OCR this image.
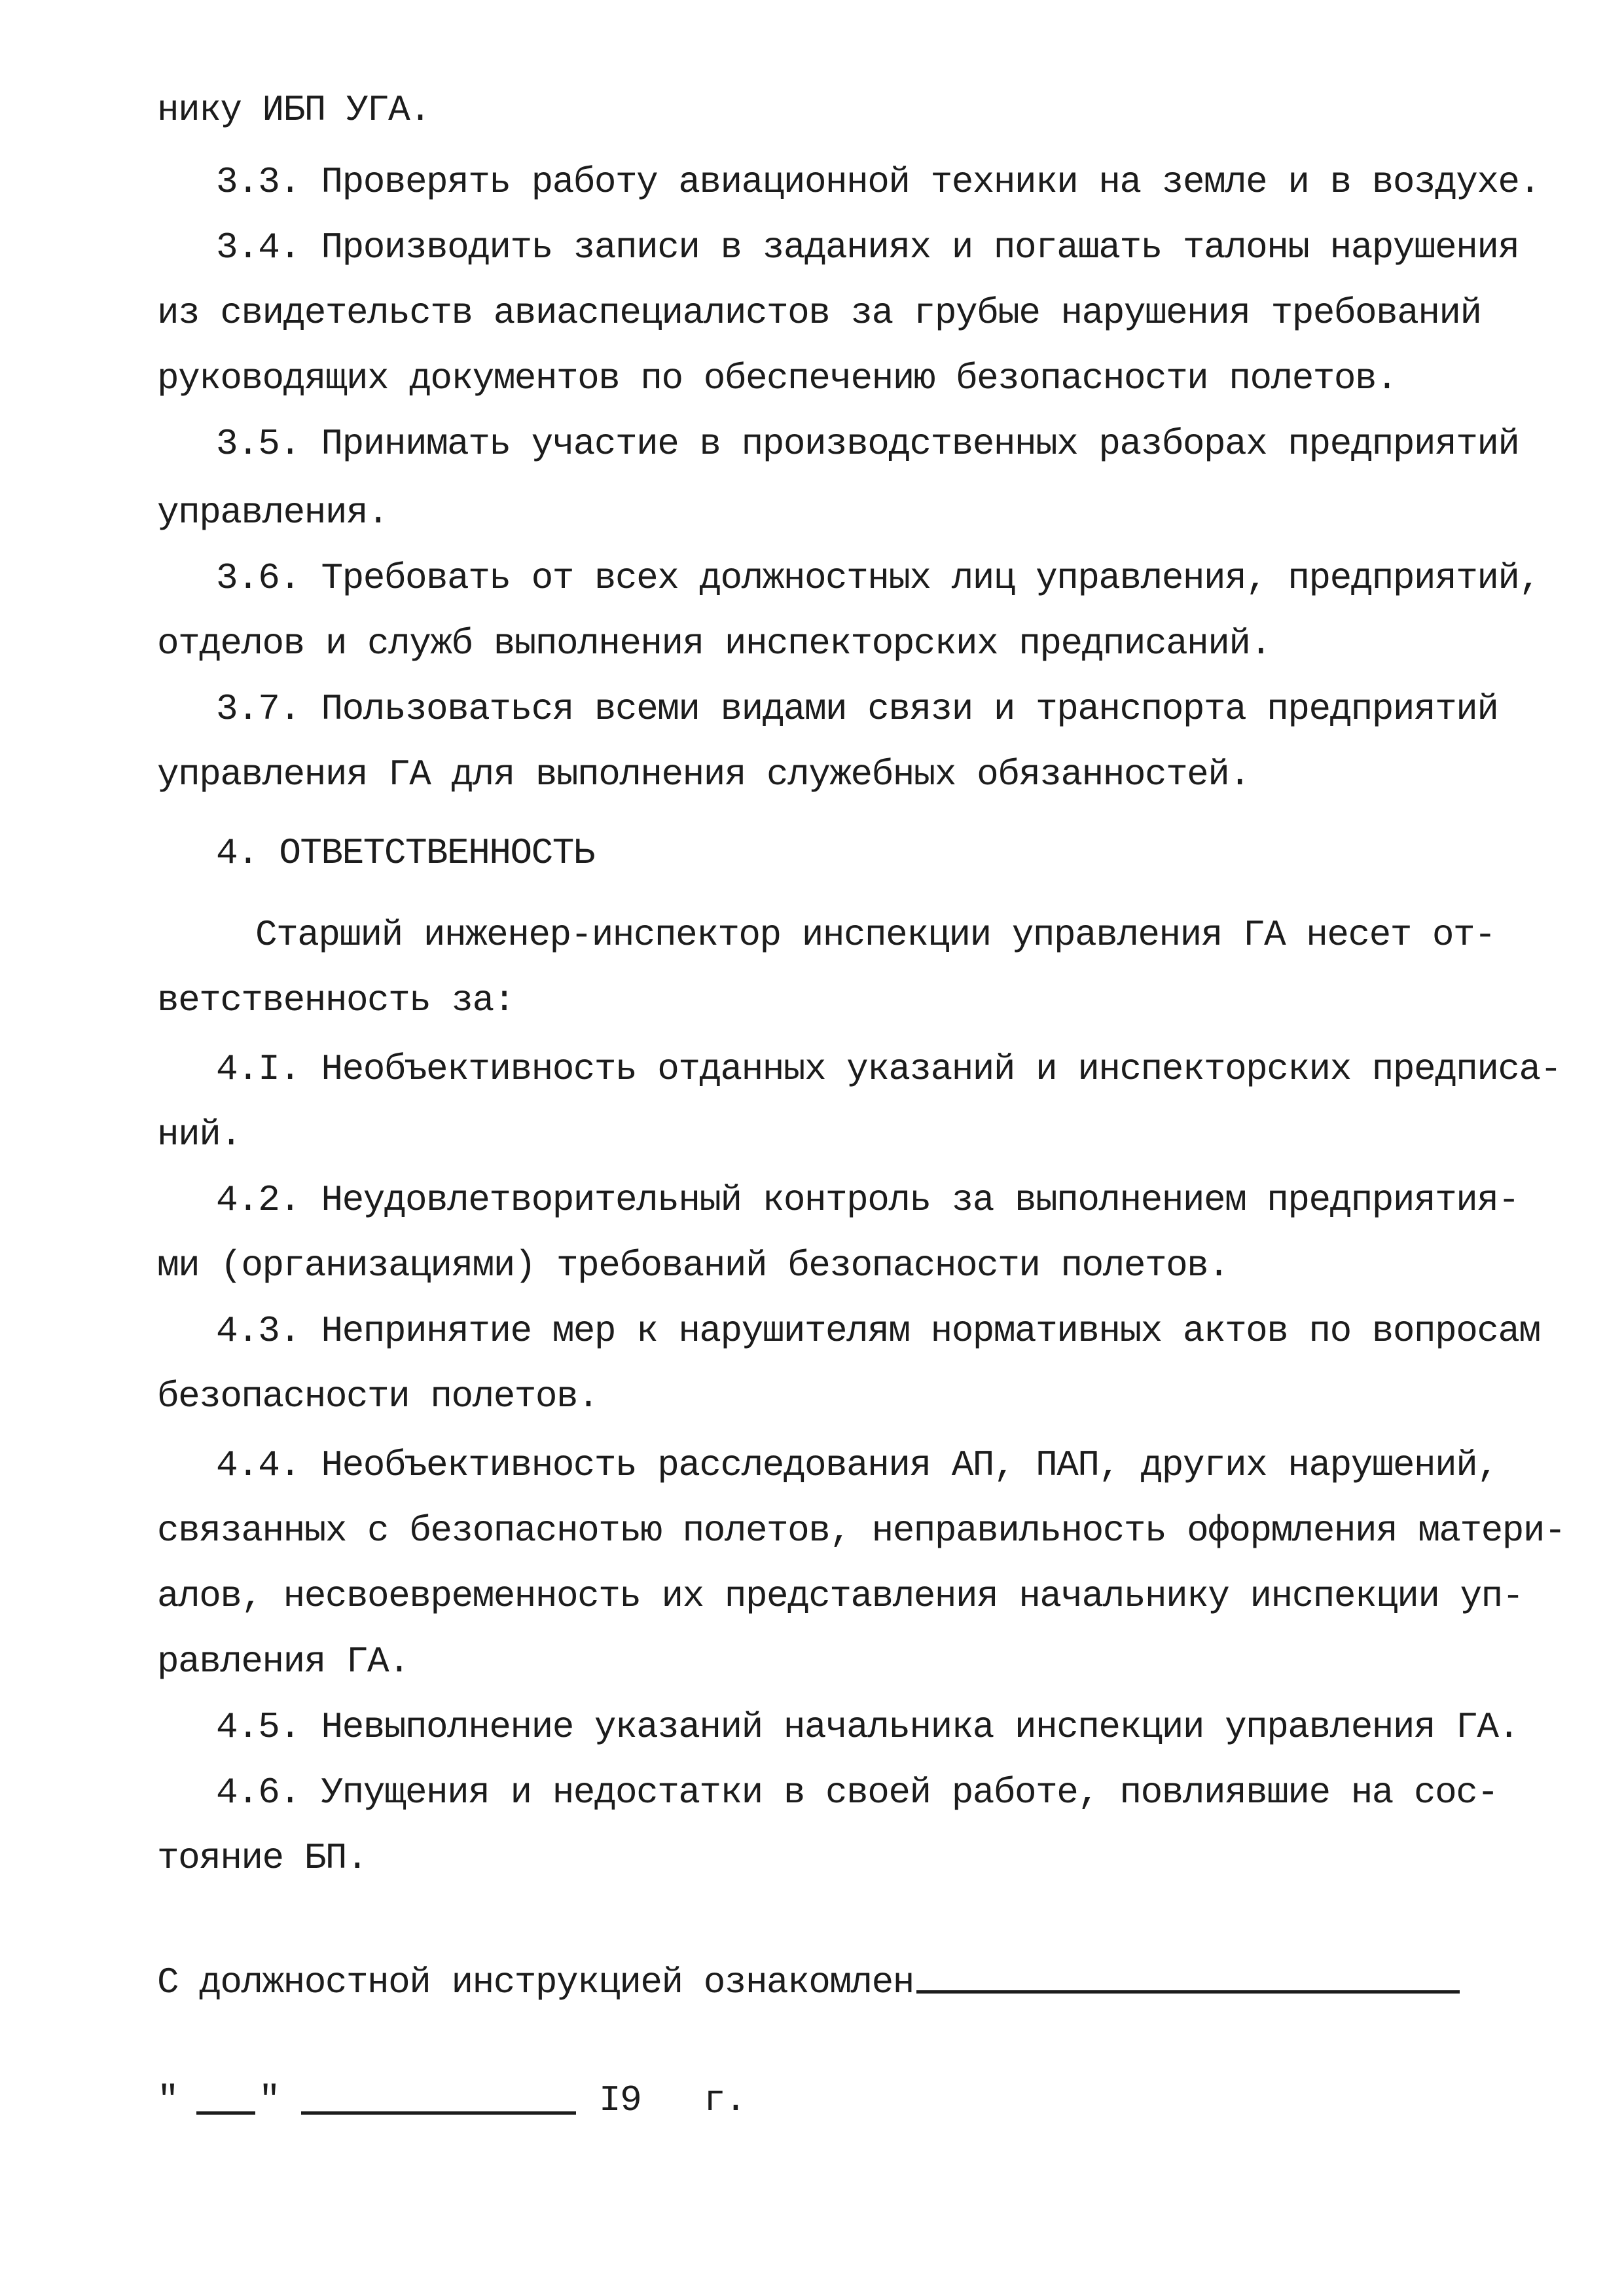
нику ИБП УГА.
3.3. Проверять работу авиационной техники на земле и в воздухе.
3.4. Производить записи в заданиях и погашать талоны нарушения
из свидетельств авиаспециалистов за грубые нарушения требований
руководящих документов по обеспечению безопасности полетов.
3.5. Принимать участие в производственных разборах предприятий
управления.
3.6. Требовать от всех должностных лиц управления, предприятий,
отделов и служб выполнения инспекторских предписаний.
3.7. Пользоваться всеми видами связи и транспорта предприятий
управления ГА для выполнения служебных обязанностей.
4. ОТВЕТСТВЕННОСТЬ
Старший инженер-инспектор инспекции управления ГА несет от-
ветственность за:
4.I. Необъективность отданных указаний и инспекторских предписа-
ний.
4.2. Неудовлетворительный контроль за выполнением предприятия-
ми (организациями) требований безопасности полетов.
4.3. Непринятие мер к нарушителям нормативных актов по вопросам
безопасности полетов.
4.4. Необъективность расследования АП, ПАП, других нарушений,
связанных с безопаснотью полетов, неправильность оформления матери-
алов, несвоевременность их представления начальнику инспекции уп-
равления ГА.
4.5. Невыполнение указаний начальника инспекции управления ГА.
4.6. Упущения и недостатки в своей работе, повлиявшие на сос-
тояние БП.
С должностной инструкцией ознакомлен
" "	I9 г.
